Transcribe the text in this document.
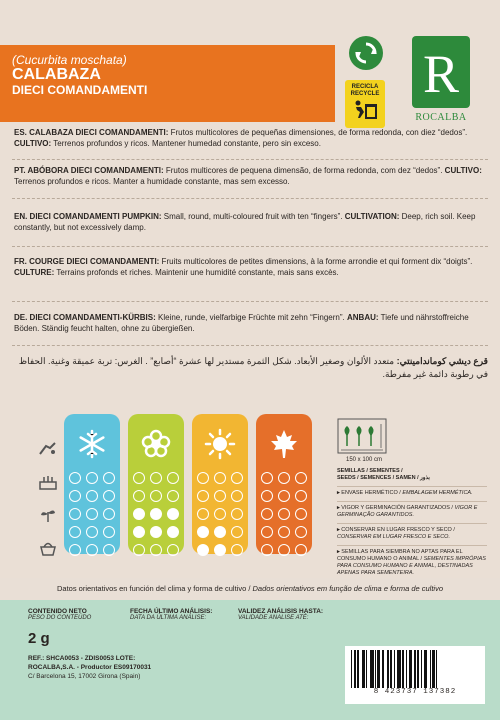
(Cucurbita moschata)
CALABAZA
DIECI COMANDAMENTI	RECICLA
RECYCLE R
ROCALBA
ES. CALABAZA DIECI COMANDAMENTI: Frutos multicolores de pequeñas dimensiones, de forma redonda, con diez “dedos”. CULTIVO: Terrenos profundos y ricos. Mantener humedad constante, pero sin exceso.
PT. ABÓBORA DIECI COMANDAMENTI: Frutos multicores de pequena dimensão, de forma redonda, com dez “dedos”. CULTIVO: Terrenos profundos e ricos. Manter a humidade constante, mas sem excesso.
EN. DIECI COMANDAMENTI PUMPKIN: Small, round, multi-coloured fruit with ten “fingers”. CULTIVATION: Deep, rich soil. Keep constantly, but not excessively damp.
FR. COURGE DIECI COMANDAMENTI: Fruits multicolores de petites dimensions, à la forme arrondie et qui forment dix “doigts”. CULTURE: Terrains profonds et riches. Maintenir une humidité constante, mais sans excès.
DE. DIECI COMANDAMENTI-KÜRBIS: Kleine, runde, vielfarbige Früchte mit zehn “Fingern”. ANBAU: Tiefe und nährstoffreiche Böden. Ständig feucht halten, ohne zu übergießen.
قرع ديشي كوماندامينتي: متعدد الألوان وصغير الأبعاد. شكل الثمرة مستدير لها عشرة “أصابع” . الغرس: تربة عميقة وغنية. الحفاظ في رطوبة دائمة غير مفرطة.
150 x 100 cm
SEMILLAS / SEMENTES /
SEEDS / SEMENCES / SAMEN / بذور
▸ ENVASE HERMÉTICO / EMBALAGEM HERMÉTICA.
▸ VIGOR Y GERMINACIÓN GARANTIZADOS / VIGOR E GERMINAÇÃO GARANTIDOS.
▸ CONSERVAR EN LUGAR FRESCO Y SECO / CONSERVAR EM LUGAR FRESCO E SECO.
▸ SEMILLAS PARA SIEMBRA NO APTAS PARA EL CONSUMO HUMANO O ANIMAL / SEMENTES IMPRÓPIAS PARA CONSUMO HUMANO E ANIMAL, DESTINADAS APENAS PARA SEMENTEIRA.
Datos orientativos en función del clima y forma de cultivo / Dados orientativos em função de clima e forma de cultivo
CONTENIDO NETO
PESO DO CONTEÚDO
2 g
FECHA ÚLTIMO ANÁLISIS:
DATA DA ÚLTIMA ANÁLISE:
VALIDEZ ANÁLISIS HASTA:
VALIDADE ANALISE ATÉ:
REF.: SHCA0053 - ZDIS0053 LOTE:
ROCALBA,S.A. - Productor ES09170031
C/ Barcelona 15, 17002 Girona (Spain)
8 423737 137382
